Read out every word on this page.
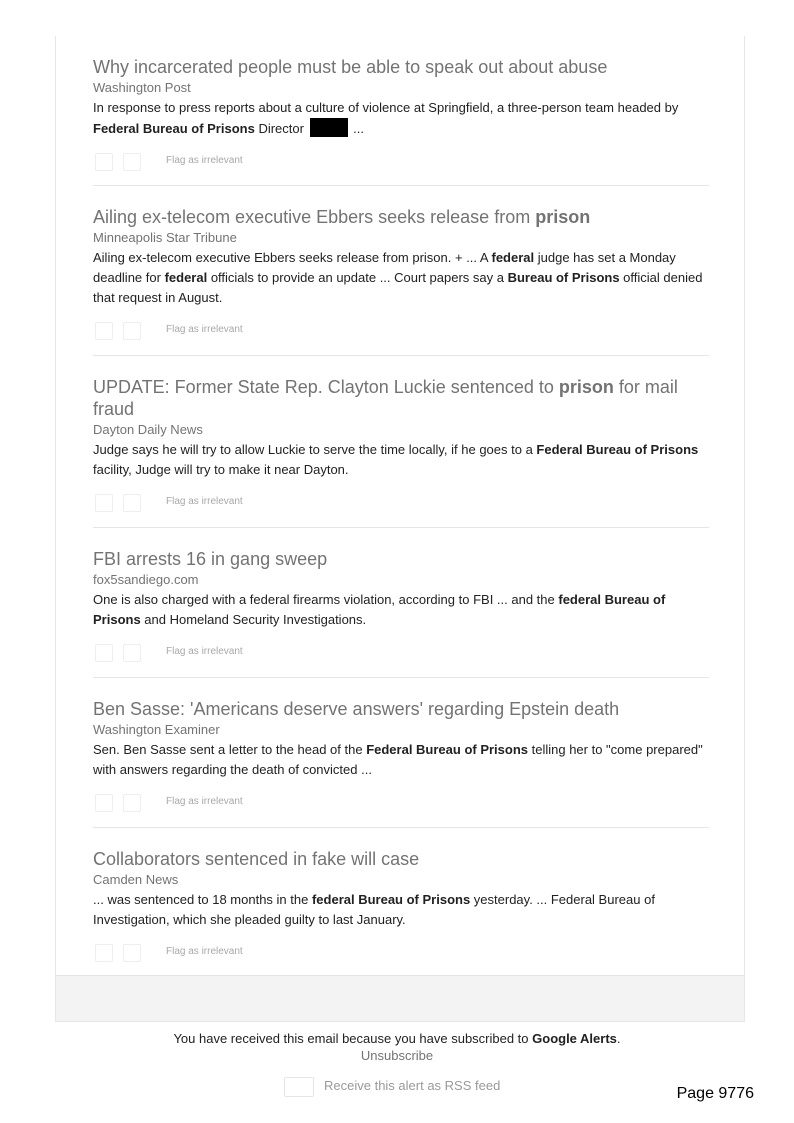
Why incarcerated people must be able to speak out about abuse
Washington Post
In response to press reports about a culture of violence at Springfield, a three-person team headed by Federal Bureau of Prisons Director	...
Flag as irrelevant
Ailing ex-telecom executive Ebbers seeks release from prison
Minneapolis Star Tribune
Ailing ex-telecom executive Ebbers seeks release from prison. + ... A federal judge has set a Monday deadline for federal officials to provide an update ... Court papers say a Bureau of Prisons official denied that request in August.
Flag as irrelevant
UPDATE: Former State Rep. Clayton Luckie sentenced to prison for mail fraud
Dayton Daily News
Judge says he will try to allow Luckie to serve the time locally, if he goes to a Federal Bureau of Prisons facility, Judge will try to make it near Dayton.
Flag as irrelevant
FBI arrests 16 in gang sweep
fox5sandiego.com
One is also charged with a federal firearms violation, according to FBI ... and the federal Bureau of Prisons and Homeland Security Investigations.
Flag as irrelevant
Ben Sasse: 'Americans deserve answers' regarding Epstein death
Washington Examiner
Sen. Ben Sasse sent a letter to the head of the Federal Bureau of Prisons telling her to "come prepared" with answers regarding the death of convicted ...
Flag as irrelevant
Collaborators sentenced in fake will case
Camden News
... was sentenced to 18 months in the federal Bureau of Prisons yesterday. ... Federal Bureau of Investigation, which she pleaded guilty to last January.
Flag as irrelevant
You have received this email because you have subscribed to Google Alerts.
Unsubscribe
Receive this alert as RSS feed	Page 9776
